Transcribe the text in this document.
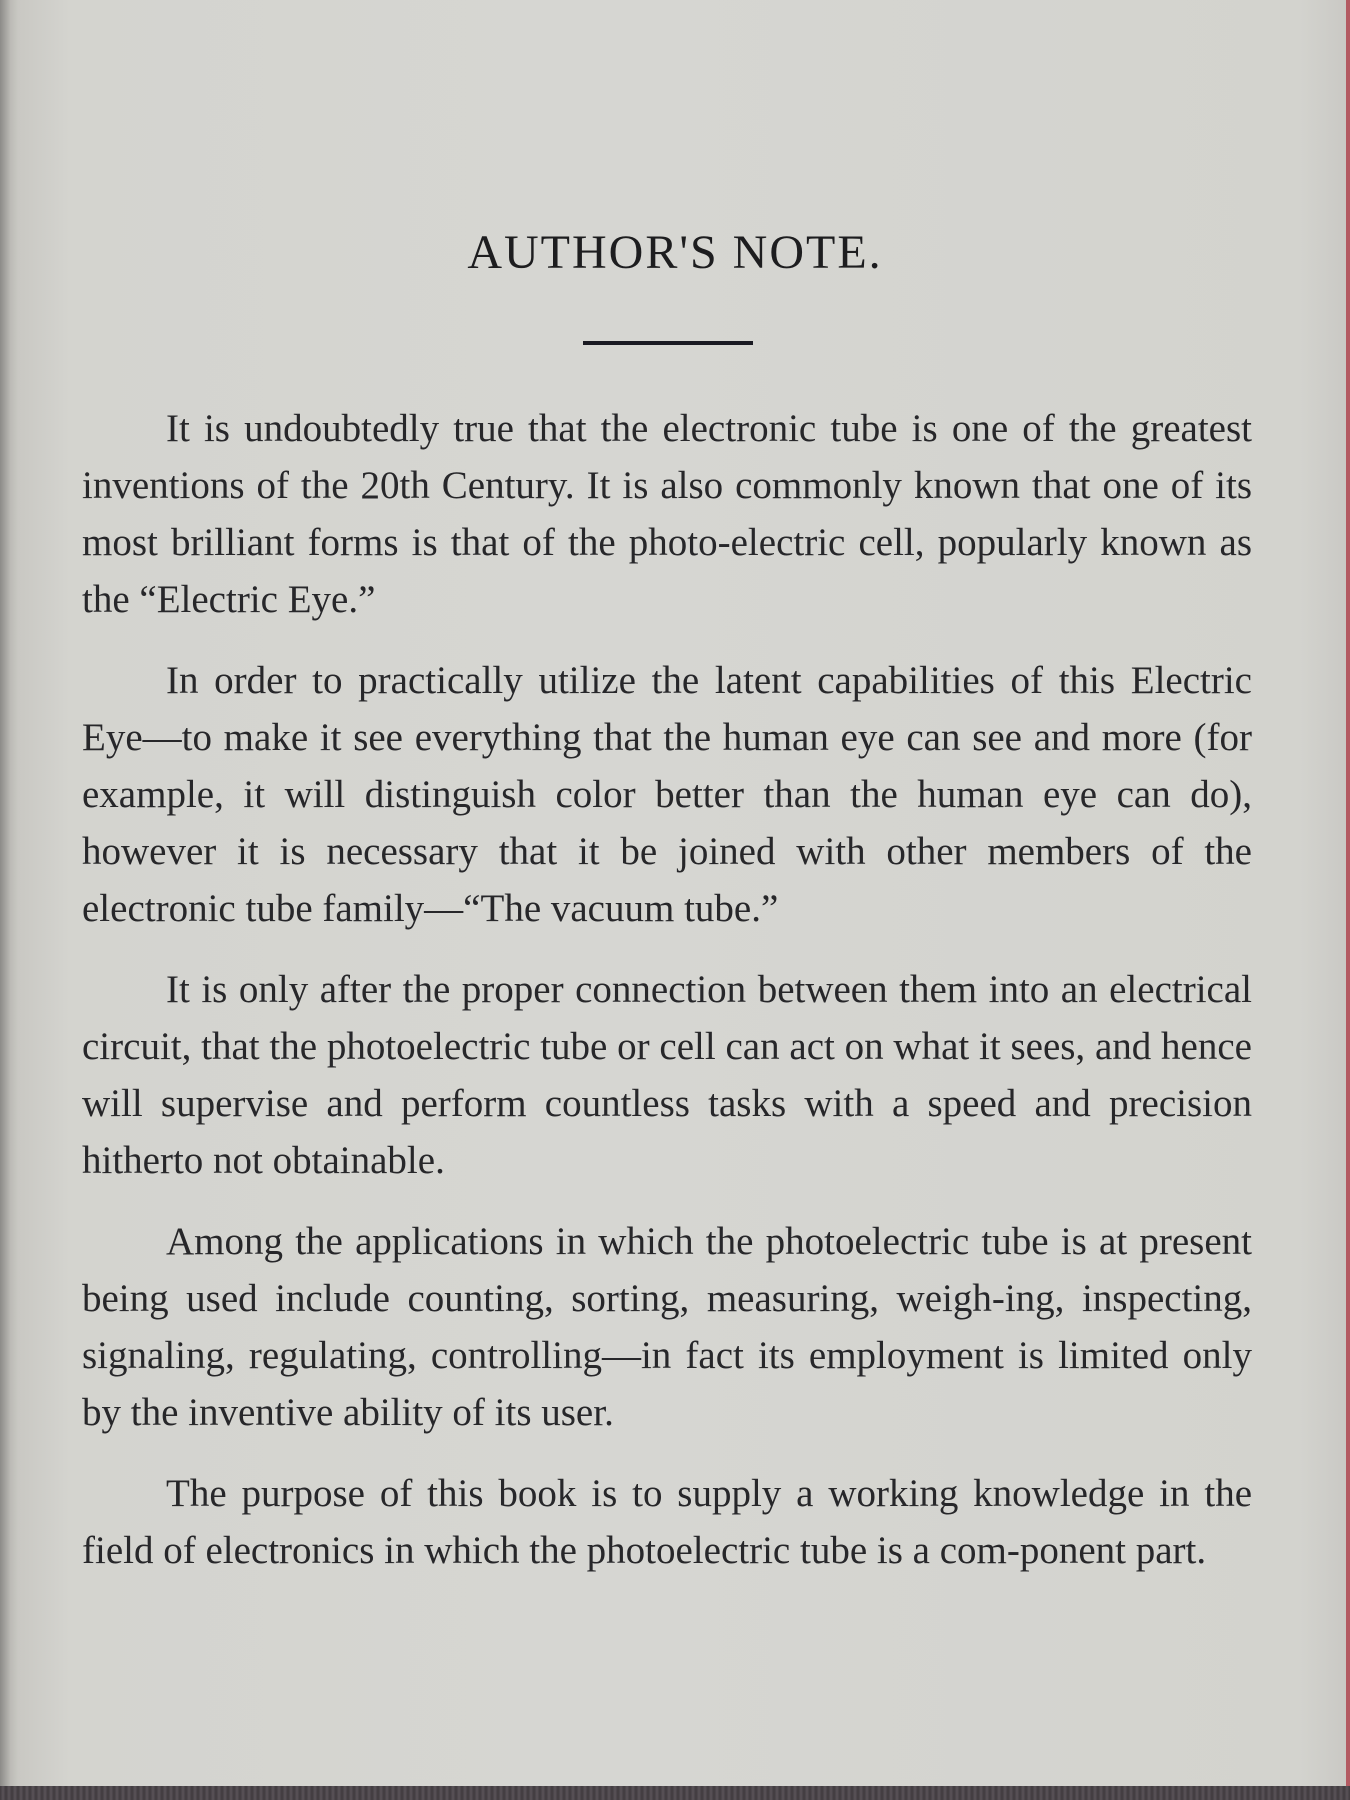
AUTHOR'S NOTE.

It is undoubtedly true that the electronic tube is one of the greatest inventions of the 20th Century. It is also commonly known that one of its most brilliant forms is that of the photo-electric cell, popularly known as the “Electric Eye.”

In order to practically utilize the latent capabilities of this Electric Eye—to make it see everything that the human eye can see and more (for example, it will distinguish color better than the human eye can do), however it is necessary that it be joined with other members of the electronic tube family—“The vacuum tube.”

It is only after the proper connection between them into an electrical circuit, that the photoelectric tube or cell can act on what it sees, and hence will supervise and perform countless tasks with a speed and precision hitherto not obtainable.

Among the applications in which the photoelectric tube is at present being used include counting, sorting, measuring, weigh-ing, inspecting, signaling, regulating, controlling—in fact its employment is limited only by the inventive ability of its user.

The purpose of this book is to supply a working knowledge in the field of electronics in which the photoelectric tube is a com-ponent part.
